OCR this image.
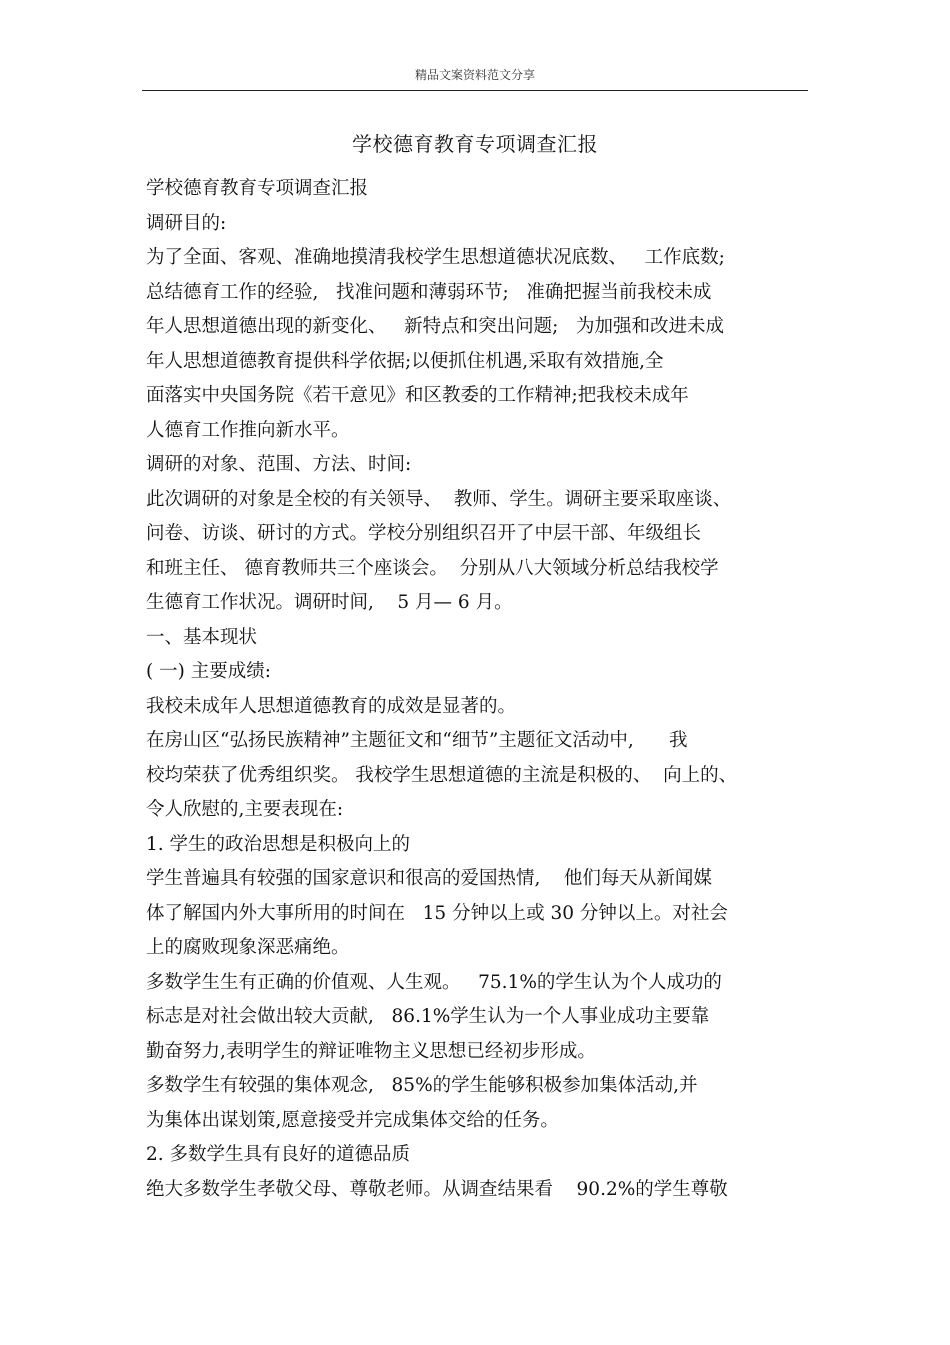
精品文案资料范文分享
学校德育教育专项调查汇报
学校德育教育专项调查汇报
调研目的:
为了全面、客观、准确地摸清我校学生思想道德状况底数、   工作底数;
总结德育工作的经验,   找准问题和薄弱环节;   准确把握当前我校未成
年人思想道德出现的新变化、   新特点和突出问题;   为加强和改进未成
年人思想道德教育提供科学依据;以便抓住机遇,采取有效措施,全
面落实中央国务院《若干意见》和区教委的工作精神;把我校未成年
人德育工作推向新水平。
调研的对象、范围、方法、时间:
此次调研的对象是全校的有关领导、  教师、学生。调研主要采取座谈、
问卷、访谈、研讨的方式。学校分别组织召开了中层干部、年级组长
和班主任、 德育教师共三个座谈会。  分别从八大领域分析总结我校学
生德育工作状况。调研时间,    5 月— 6 月。
一、基本现状
( 一) 主要成绩:
我校未成年人思想道德教育的成效是显著的。
在房山区“弘扬民族精神”主题征文和“细节”主题征文活动中,      我
校均荣获了优秀组织奖。 我校学生思想道德的主流是积极的、  向上的、
令人欣慰的,主要表现在:
1. 学生的政治思想是积极向上的
学生普遍具有较强的国家意识和很高的爱国热情,    他们每天从新闻媒
体了解国内外大事所用的时间在   15 分钟以上或 30 分钟以上。对社会
上的腐败现象深恶痛绝。
多数学生生有正确的价值观、人生观。   75.1%的学生认为个人成功的
标志是对社会做出较大贡献,   86.1%学生认为一个人事业成功主要靠
勤奋努力,表明学生的辩证唯物主义思想已经初步形成。
多数学生有较强的集体观念,   85%的学生能够积极参加集体活动,并
为集体出谋划策,愿意接受并完成集体交给的任务。
2. 多数学生具有良好的道德品质
绝大多数学生孝敬父母、尊敬老师。从调查结果看    90.2%的学生尊敬
